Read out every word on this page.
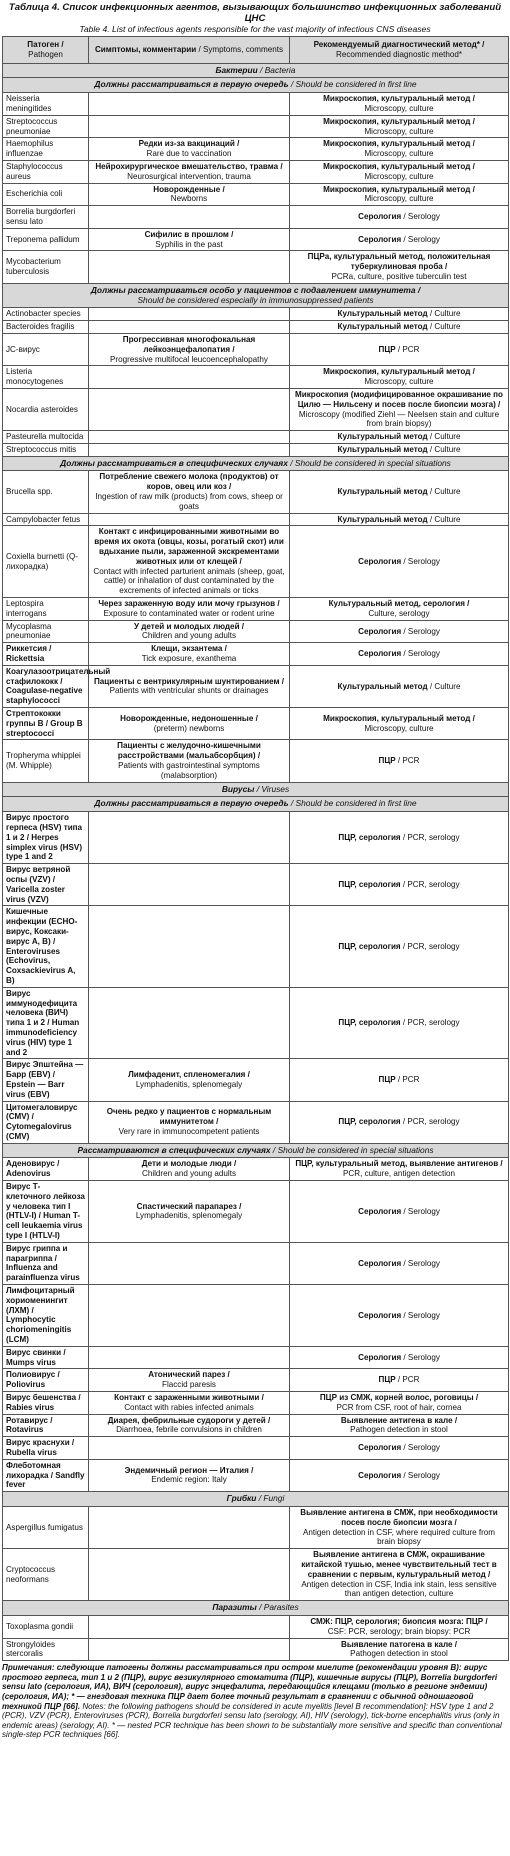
Таблица 4. Список инфекционных агентов, вызывающих большинство инфекционных заболеваний ЦНС
Table 4. List of infectious agents responsible for the vast majority of infectious CNS diseases
Патоген /
Pathogen	Симптомы, комментарии / Symptoms, comments	Рекомендуемый диагностический метод* /
Recommended diagnostic method*
Бактерии / Bacteria		
Должны рассматриваться в первую очередь / Should be considered in first line		
Neisseria meningitides		Микроскопия, культуральный метод /
Microscopy, culture
Streptococcus pneumoniae		Микроскопия, культуральный метод /
Microscopy, culture
Haemophilus influenzae	Редки из-за вакцинаций /
Rare due to vaccination	Микроскопия, культуральный метод /
Microscopy, culture
Staphylococcus aureus	Нейрохирургическое вмешательство, травма /
Neurosurgical intervention, trauma	Микроскопия, культуральный метод /
Microscopy, culture
Escherichia coli	Новорожденные /
Newborns	Микроскопия, культуральный метод /
Microscopy, culture
Borrelia burgdorferi sensu lato		Серология / Serology
Treponema pallidum	Сифилис в прошлом /
Syphilis in the past	Серология / Serology
Mycobacterium tuberculosis		ПЦРа, культуральный метод, положительная туберкулиновая проба /
PCRa, culture, positive tuberculin test
Должны рассматриваться особо у пациентов с подавлением иммунитета /
Should be considered especially in immunosuppressed patients		
Actinobacter species		Культуральный метод / Culture
Bacteroides fragilis		Культуральный метод / Culture
JC-вирус	Прогрессивная многофокальная лейкоэнцефалопатия /
Progressive multifocal leucoencephalopathy	ПЦР / PCR
Listeria monocytogenes		Микроскопия, культуральный метод /
Microscopy, culture
Nocardia asteroides		Микроскопия (модифицированное окрашивание по Цилю — Нильсену и посев после биопсии мозга) /
Microscopy (modified Ziehl — Neelsen stain and culture from brain biopsy)
Pasteurella multocida		Культуральный метод / Culture
Streptococcus mitis		Культуральный метод / Culture
Должны рассматриваться в специфических случаях / Should be considered in special situations		
Brucella spp.	Потребление свежего молока (продуктов) от коров, овец или коз /
Ingestion of raw milk (products) from cows, sheep or goats	Культуральный метод / Culture
Campylobacter fetus		Культуральный метод / Culture
Coxiella burnetti (Q-лихорадка)	Контакт с инфицированными животными во время их окота (овцы, козы, рогатый скот) или вдыхание пыли, зараженной экскрементами животных или от клещей /
Contact with infected parturient animals (sheep, goat, cattle) or inhalation of dust contaminated by the excrements of infected animals or ticks	Серология / Serology
Leptospira interrogans	Через зараженную воду или мочу грызунов /
Exposure to contaminated water or rodent urine	Культуральный метод, серология /
Culture, serology
Mycoplasma pneumoniae	У детей и молодых людей /
Children and young adults	Серология / Serology
Риккетсия / Rickettsia	Клещи, экзантема /
Tick exposure, exanthema	Серология / Serology
Коагулазоотрицательный стафилококк / Coagulase-negative staphylococci	Пациенты с вентрикулярным шунтированием /
Patients with ventricular shunts or drainages	Культуральный метод / Culture
Стрептококки группы B / Group B streptococci	Новорожденные, недоношенные /
(preterm) newborns	Микроскопия, культуральный метод /
Microscopy, culture
Tropheryma whipplei (M. Whipple)	Пациенты с желудочно-кишечными расстройствами (мальабсорбция) /
Patients with gastrointestinal symptoms (malabsorption)	ПЦР / PCR
Вирусы / Viruses		
Должны рассматриваться в первую очередь / Should be considered in first line		
Вирус простого герпеса (HSV) типа 1 и 2 / Herpes simplex virus (HSV) type 1 and 2		ПЦР, серология / PCR, serology
Вирус ветряной оспы (VZV) / Varicella zoster virus (VZV)		ПЦР, серология / PCR, serology
Кишечные инфекции (ECHO-вирус, Коксаки-вирус A, B) / Enteroviruses (Echovirus, Coxsackievirus A, B)		ПЦР, серология / PCR, serology
Вирус иммунодефицита человека (ВИЧ) типа 1 и 2 / Human immunodeficiency virus (HIV) type 1 and 2		ПЦР, серология / PCR, serology
Вирус Эпштейна — Барр (EBV) / Epstein — Barr virus (EBV)	Лимфаденит, спленомегалия /
Lymphadenitis, splenomegaly	ПЦР / PCR
Цитомегаловирус (CMV) / Cytomegalovirus (CMV)	Очень редко у пациентов с нормальным иммунитетом /
Very rare in immunocompetent patients	ПЦР, серология / PCR, serology
Рассматриваются в специфических случаях / Should be considered in special situations		
Аденовирус / Adenovirus	Дети и молодые люди /
Children and young adults	ПЦР, культуральный метод, выявление антигенов /
PCR, culture, antigen detection
Вирус Т-клеточного лейкоза у человека тип I (HTLV-I) / Human T-cell leukaemia virus type I (HTLV-I)	Спастический парапарез /
Lymphadenitis, splenomegaly	Серология / Serology
Вирус гриппа и парагриппа / Influenza and parainfluenza virus		Серология / Serology
Лимфоцитарный хориоменингит (ЛХМ) / Lymphocytic choriomeningitis (LCM)		Серология / Serology
Вирус свинки / Mumps virus		Серология / Serology
Полиовирус / Poliovirus	Атонический парез /
Flaccid paresis	ПЦР / PCR
Вирус бешенства / Rabies virus	Контакт с зараженными животными /
Contact with rabies infected animals	ПЦР из СМЖ, корней волос, роговицы /
PCR from CSF, root of hair, cornea
Ротавирус / Rotavirus	Диарея, фебрильные судороги у детей /
Diarrhoea, febrile convulsions in children	Выявление антигена в кале /
Pathogen detection in stool
Вирус краснухи / Rubella virus		Серология / Serology
Флеботомная лихорадка / Sandfly fever	Эндемичный регион — Италия /
Endemic region: Italy	Серология / Serology
Грибки / Fungi		
Aspergillus fumigatus		Выявление антигена в СМЖ, при необходимости посев после биопсии мозга /
Antigen detection in CSF, where required culture from brain biopsy
Cryptococcus neoformans		Выявление антигена в СМЖ, окрашивание китайской тушью, менее чувствительный тест в сравнении с первым, культуральный метод /
Antigen detection in CSF, India ink stain, less sensitive than antigen detection, culture
Паразиты / Parasites		
Toxoplasma gondii		СМЖ: ПЦР, серология; биопсия мозга: ПЦР /
CSF: PCR, serology; brain biopsy: PCR
Strongyloides stercoralis		Выявление патогена в кале /
Pathogen detection in stool
Примечания: следующие патогены должны рассматриваться при остром миелите (рекомендации уровня B): вирус простого герпеса, тип 1 и 2 (ПЦР), вирус везикулярного стоматита (ПЦР), кишечные вирусы (ПЦР), Borrelia burgdorferi sensu lato (серология, ИА), ВИЧ (серология), вирус энцефалита, передающийся клещами (только в регионе эндемии) (серология, ИА); * — гнездовая техника ПЦР дает более точный результат в сравнении с обычной одношаговой техникой ПЦР [66]. Notes: the following pathogens should be considered in acute myelitis [level B recommendation]: HSV type 1 and 2 (PCR), VZV (PCR), Enteroviruses (PCR), Borrelia burgdorferi sensu lato (serology, AI), HIV (serology), tick-borne encephalitis virus (only in endemic areas) (serology, AI). * — nested PCR technique has been shown to be substantially more sensitive and specific than conventional single-step PCR techniques [66].
